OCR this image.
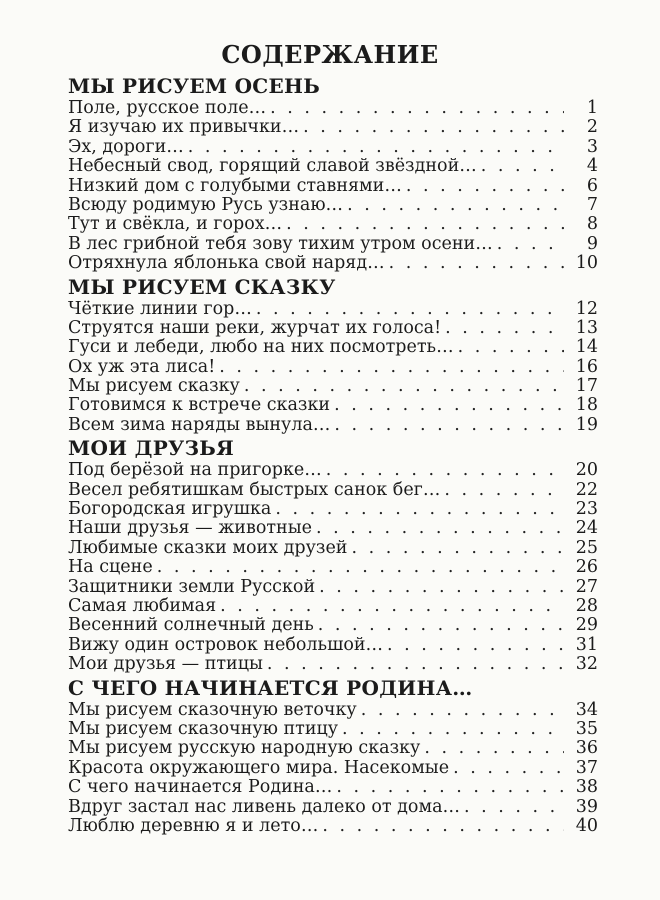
СОДЕРЖАНИЕ
МЫ РИСУЕМ ОСЕНЬ
Поле, русское поле… . . .	1
Я изучаю их привычки… . . .	2
Эх, дороги… . . .	3
Небесный свод, горящий славой звёздной… . . .	4
Низкий дом с голубыми ставнями… . . .	6
Всюду родимую Русь узнаю… . . .	7
Тут и свёкла, и горох… . . .	8
В лес грибной тебя зову тихим утром осени… . . .	9
Отряхнула яблонька свой наряд… . . .	10
МЫ РИСУЕМ СКАЗКУ
Чёткие линии гор… . . .	12
Струятся наши реки, журчат их голоса! . . .	13
Гуси и лебеди, любо на них посмотреть… . . .	14
Ох уж эта лиса! . . .	16
Мы рисуем сказку . . .	17
Готовимся к встрече сказки . . .	18
Всем зима наряды вынула… . . .	19
МОИ ДРУЗЬЯ
Под берёзой на пригорке… . . .	20
Весел ребятишкам быстрых санок бег… . . .	22
Богородская игрушка . . .	23
Наши друзья — животные . . .	24
Любимые сказки моих друзей . . .	25
На сцене . . .	26
Защитники земли Русской . . .	27
Самая любимая . . .	28
Весенний солнечный день . . .	29
Вижу один островок небольшой… . . .	31
Мои друзья — птицы . . .	32
С ЧЕГО НАЧИНАЕТСЯ РОДИНА…
Мы рисуем сказочную веточку . . .	34
Мы рисуем сказочную птицу . . .	35
Мы рисуем русскую народную сказку . . .	36
Красота окружающего мира. Насекомые . . .	37
С чего начинается Родина… . . .	38
Вдруг застал нас ливень далеко от дома… . . .	39
Люблю деревню я и лето… . . .	40
